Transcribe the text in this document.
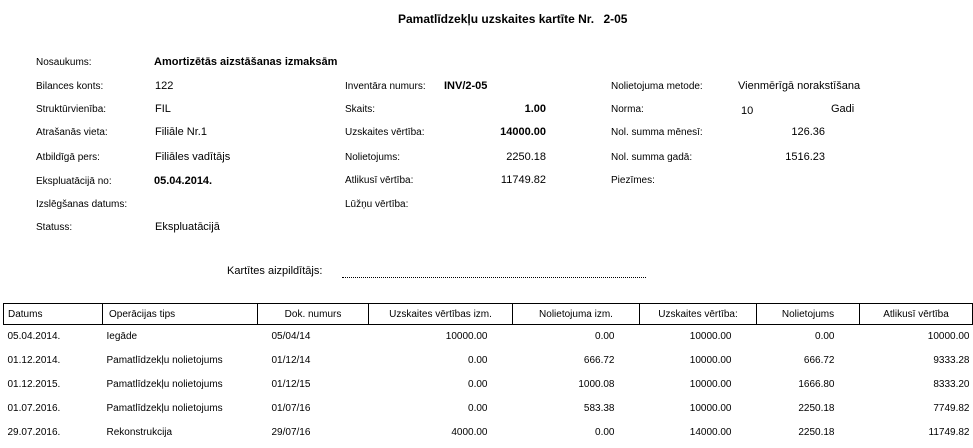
Pamatlīdzekļu uzskaites kartīte Nr. 2-05
Nosaukums:	Amortizētās aizstāšanas izmaksām
Bilances konts:	122
Struktūrvienība:	FIL
Atrašanās vieta:	Filiāle Nr.1
Atbildīgā pers:	Filiāles vadītājs
Ekspluatācijā no:	05.04.2014.
Izslēgšanas datums:
Statuss:	Ekspluatācijā
Inventāra numurs: INV/2-05
Skaits:	1.00
Uzskaites vērtība:	14000.00
Nolietojums:	2250.18
Atlikusī vērtība:	11749.82
Lūžņu vērtība:
Nolietojuma metode:	Vienmērīgā norakstīšana
Norma:	10	Gadi
Nol. summa mēnesī:	126.36
Nol. summa gadā:	1516.23
Piezīmes:
Kartītes aizpildītājs:
Datums	Operācijas tips	Dok. numurs	Uzskaites vērtības izm.	Nolietojuma izm.	Uzskaites vērtība:	Nolietojums	Atlikusī vērtība
05.04.2014.	Iegāde	05/04/14	10000.00	0.00	10000.00	0.00	10000.00
01.12.2014.	Pamatlīdzekļu nolietojums	01/12/14	0.00	666.72	10000.00	666.72	9333.28
01.12.2015.	Pamatlīdzekļu nolietojums	01/12/15	0.00	1000.08	10000.00	1666.80	8333.20
01.07.2016.	Pamatlīdzekļu nolietojums	01/07/16	0.00	583.38	10000.00	2250.18	7749.82
29.07.2016.	Rekonstrukcija	29/07/16	4000.00	0.00	14000.00	2250.18	11749.82
